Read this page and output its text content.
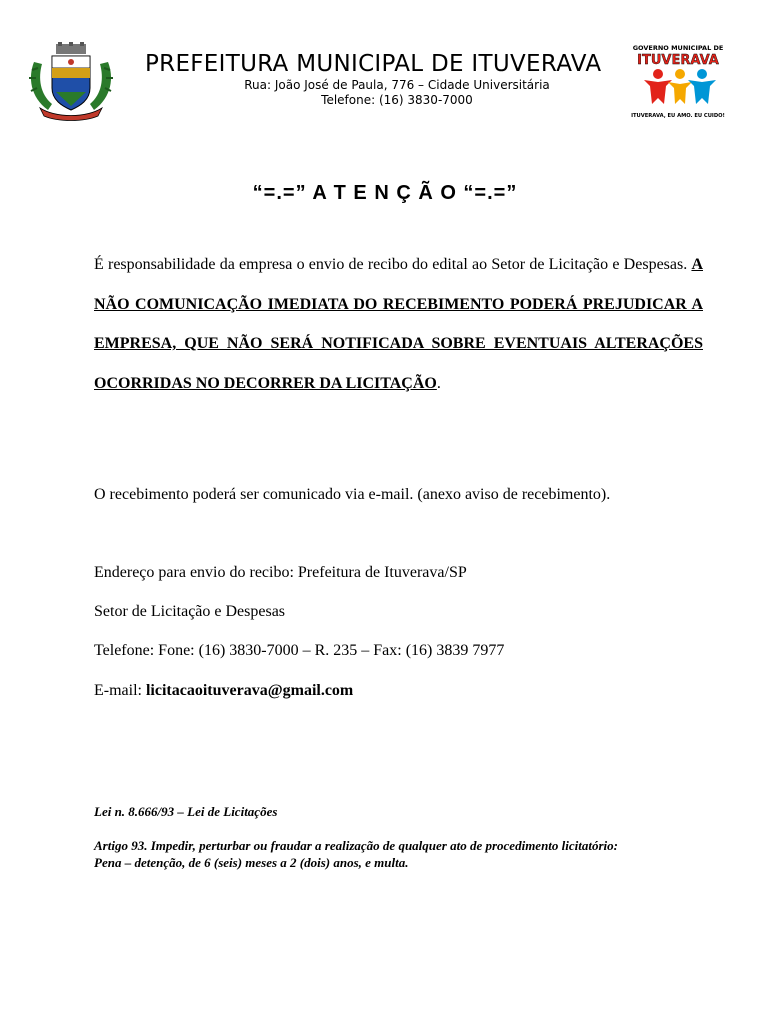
PREFEITURA MUNICIPAL DE ITUVERAVA
Rua: João José de Paula, 776 – Cidade Universitária
Telefone: (16) 3830-7000
GOVERNO MUNICIPAL DE
ITUVERAVA
ITUVERAVA, EU AMO. EU CUIDO!
“=.=” A T E N Ç Ã O “=.=”
É responsabilidade da empresa o envio de recibo do edital ao Setor de Licitação e Despesas. A NÃO COMUNICAÇÃO IMEDIATA DO RECEBIMENTO PODERÁ PREJUDICAR A EMPRESA, QUE NÃO SERÁ NOTIFICADA SOBRE EVENTUAIS ALTERAÇÕES OCORRIDAS NO DECORRER DA LICITAÇÃO.
O recebimento poderá ser comunicado via e-mail. (anexo aviso de recebimento).
Endereço para envio do recibo: Prefeitura de Ituverava/SP
Setor de Licitação e Despesas
Telefone: Fone: (16) 3830-7000 – R. 235 – Fax: (16) 3839 7977
E-mail: licitacaoituverava@gmail.com
Lei n. 8.666/93 – Lei de Licitações
Artigo 93. Impedir, perturbar ou fraudar a realização de qualquer ato de procedimento licitatório:
Pena – detenção, de 6 (seis) meses a 2 (dois) anos, e multa.
